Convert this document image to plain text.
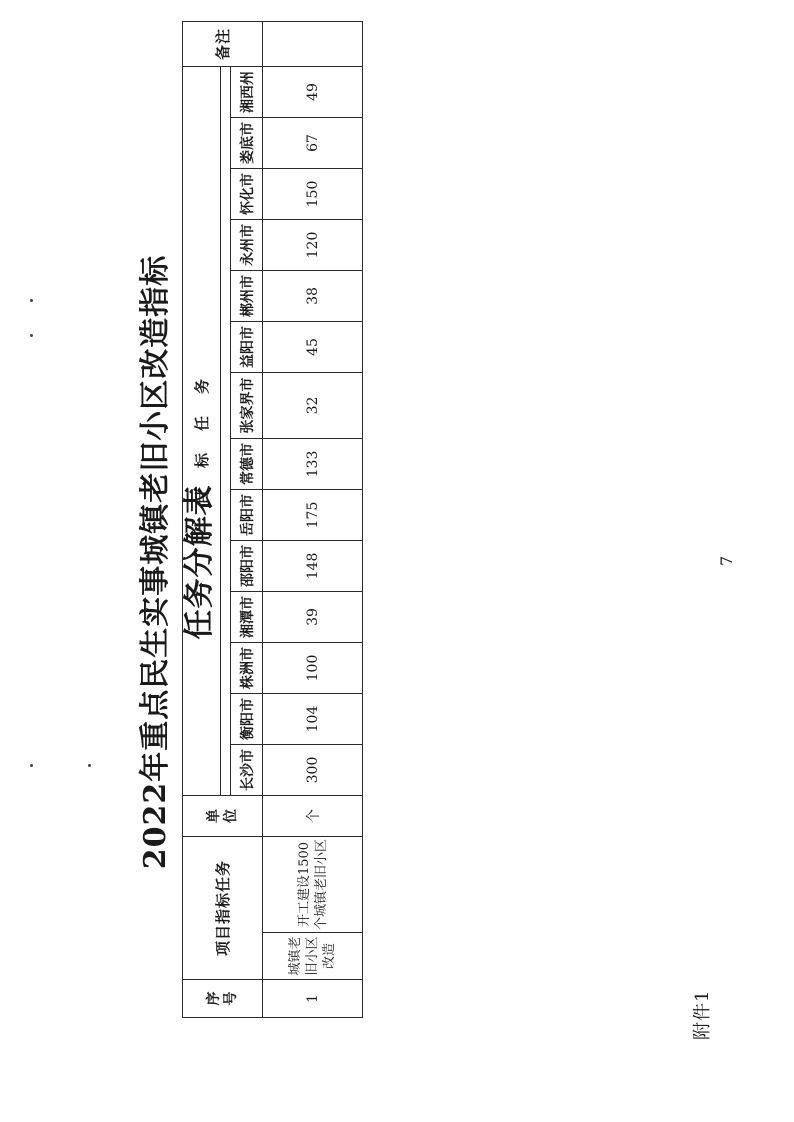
附件1
2022年重点民生实事城镇老旧小区改造指标任务分解表	7
序号	项目指标任务		单位	目标任务														备注

				长沙市	衡阳市	株洲市	湘潭市	邵阳市	岳阳市	常德市	张家界市	益阳市	郴州市	永州市	怀化市	娄底市	湘西州	
1	城镇老旧小区改造	开工建设1500个城镇老旧小区	个	300	104	100	39	148	175	133	32	45	38	120	150	67	49	
